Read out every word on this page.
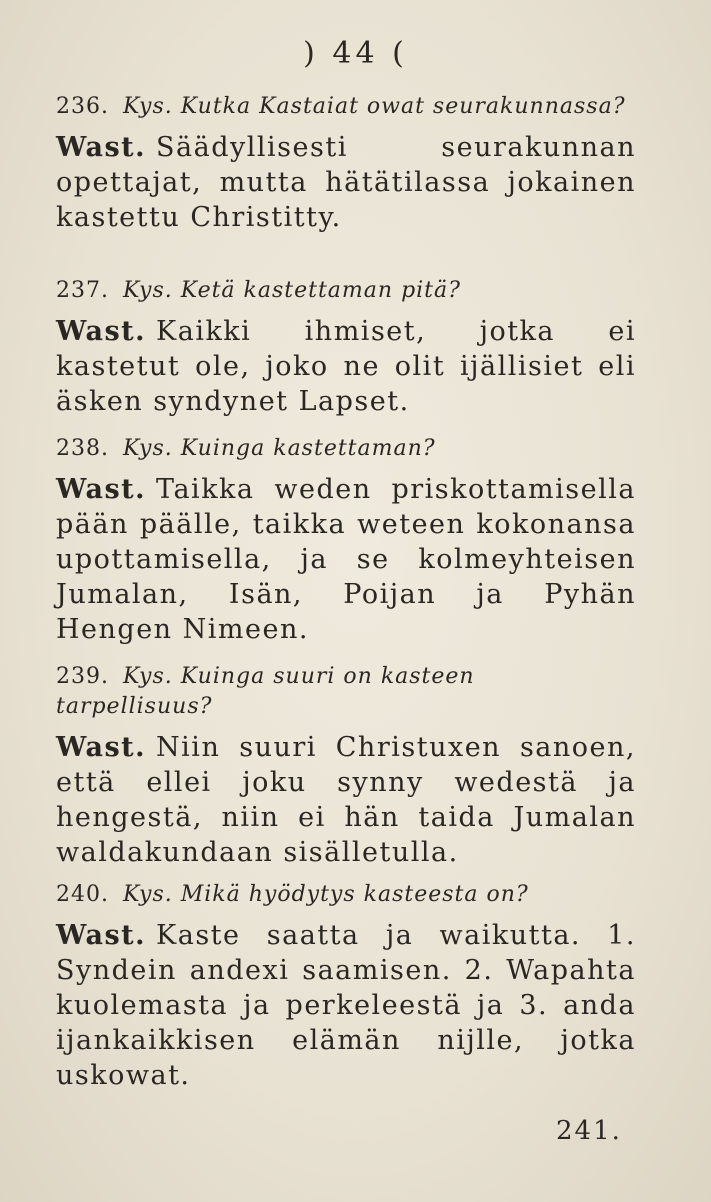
) 44 (
236. Kys. Kutka Kastaiat owat seurakunnassa?
Wast. Säädyllisesti seurakunnan opettajat, mutta hätätilassa jokainen kastettu Christitty.
237. Kys. Ketä kastettaman pitä?
Wast. Kaikki ihmiset, jotka ei kastetut ole, joko ne olit ijällisiet eli äsken syndynet Lapset.
238. Kys. Kuinga kastettaman?
Wast. Taikka weden priskottamisella pään päälle, taikka weteen kokonansa upottamisella, ja se kolmeyhteisen Jumalan, Isän, Poijan ja Pyhän Hengen Nimeen.
239. Kys. Kuinga suuri on kasteen tarpellisuus?
Wast. Niin suuri Christuxen sanoen, että ellei joku synny wedestä ja hengestä, niin ei hän taida Jumalan waldakundaan sisälletulla.
240. Kys. Mikä hyödytys kasteesta on?
Wast. Kaste saatta ja waikutta. 1. Syndein andexi saamisen. 2. Wapahta kuolemasta ja perkeleestä ja 3. anda ijankaikkisen elämän nijlle, jotka uskowat.
241.
